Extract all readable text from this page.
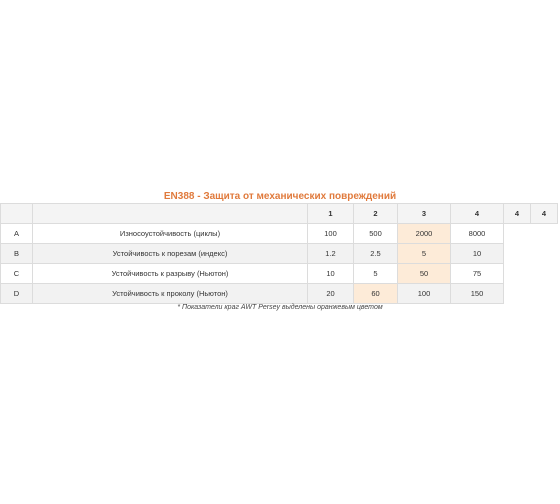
EN388 - Защита от механических повреждений
		1	2	3	4	4	4
A	Износоустойчивость (циклы)	100	500	2000	8000		
B	Устойчивость к порезам (индекс)	1.2	2.5	5	10		
C	Устойчивость к разрыву (Ньютон)	10	5	50	75		
D	Устойчивость к проколу (Ньютон)	20	60	100	150		
* Показатели краг AWT Persey выделены оранжевым цветом
